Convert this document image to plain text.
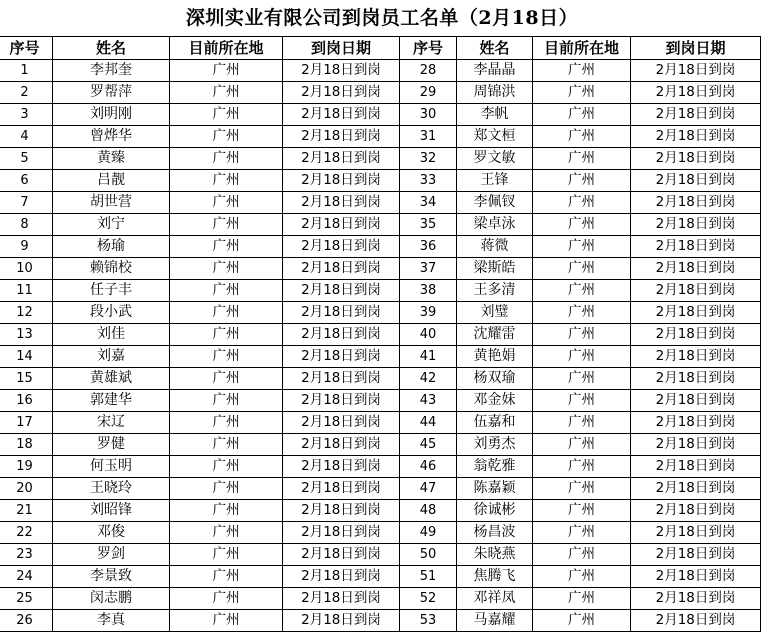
深圳实业有限公司到岗员工名单（2月18日）
序号	姓名	目前所在地	到岗日期	序号	姓名	目前所在地	到岗日期
1	李邦奎	广州	2月18日到岗	28	李晶晶	广州	2月18日到岗
2	罗帮萍	广州	2月18日到岗	29	周锦洪	广州	2月18日到岗
3	刘明刚	广州	2月18日到岗	30	李帆	广州	2月18日到岗
4	曾烨华	广州	2月18日到岗	31	郑文桓	广州	2月18日到岗
5	黄臻	广州	2月18日到岗	32	罗文敏	广州	2月18日到岗
6	吕靓	广州	2月18日到岗	33	王锋	广州	2月18日到岗
7	胡世营	广州	2月18日到岗	34	李佩钗	广州	2月18日到岗
8	刘宁	广州	2月18日到岗	35	梁卓泳	广州	2月18日到岗
9	杨瑜	广州	2月18日到岗	36	蒋微	广州	2月18日到岗
10	赖锦校	广州	2月18日到岗	37	梁斯皓	广州	2月18日到岗
11	任子丰	广州	2月18日到岗	38	王多清	广州	2月18日到岗
12	段小武	广州	2月18日到岗	39	刘璧	广州	2月18日到岗
13	刘佳	广州	2月18日到岗	40	沈耀雷	广州	2月18日到岗
14	刘嘉	广州	2月18日到岗	41	黄艳娟	广州	2月18日到岗
15	黄雄斌	广州	2月18日到岗	42	杨双瑜	广州	2月18日到岗
16	郭建华	广州	2月18日到岗	43	邓金妹	广州	2月18日到岗
17	宋辽	广州	2月18日到岗	44	伍嘉和	广州	2月18日到岗
18	罗健	广州	2月18日到岗	45	刘勇杰	广州	2月18日到岗
19	何玉明	广州	2月18日到岗	46	翁乾雅	广州	2月18日到岗
20	王晓玲	广州	2月18日到岗	47	陈嘉颖	广州	2月18日到岗
21	刘昭锋	广州	2月18日到岗	48	徐诚彬	广州	2月18日到岗
22	邓俊	广州	2月18日到岗	49	杨昌波	广州	2月18日到岗
23	罗剑	广州	2月18日到岗	50	朱晓燕	广州	2月18日到岗
24	李景致	广州	2月18日到岗	51	焦腾飞	广州	2月18日到岗
25	闵志鹏	广州	2月18日到岗	52	邓祥凤	广州	2月18日到岗
26	李真	广州	2月18日到岗	53	马嘉耀	广州	2月18日到岗
